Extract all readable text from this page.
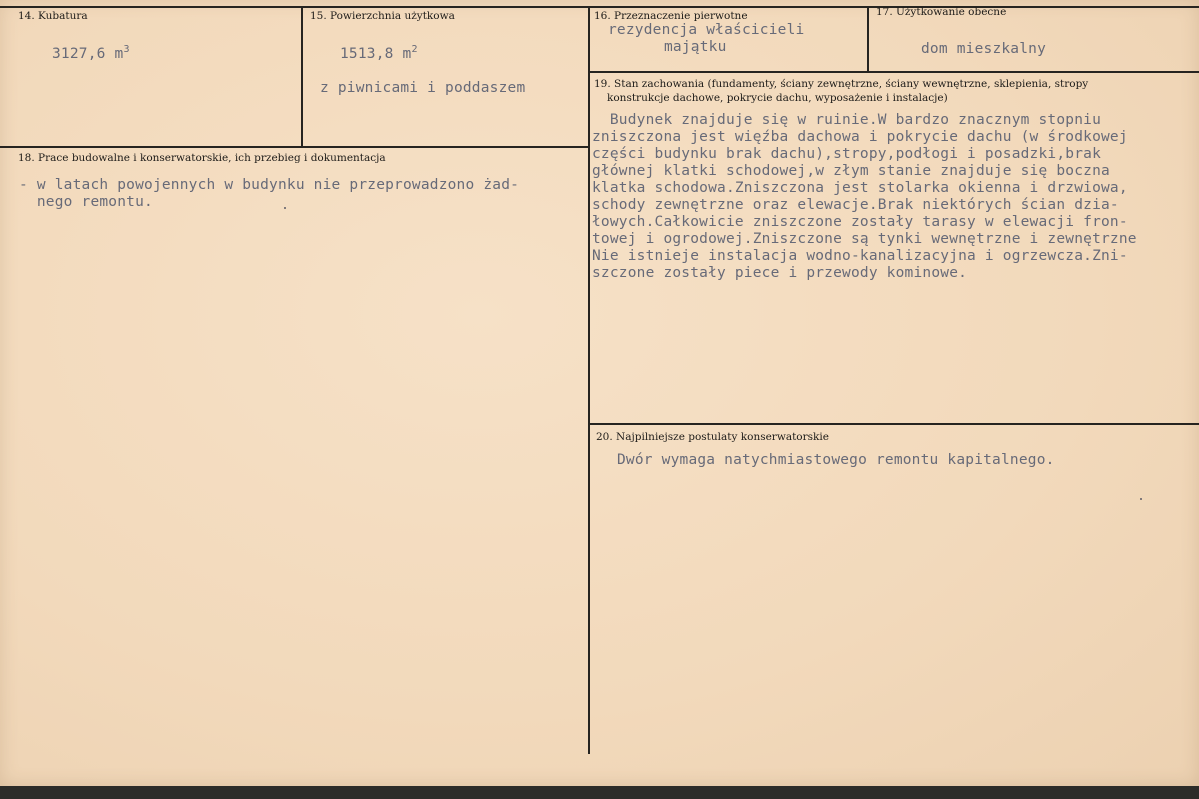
14. Kubatura
3127,6 $m^3$
15. Powierzchnia użytkowa
1513,8 $m^2$
z piwnicami i poddaszem
16. Przeznaczenie pierwotne
rezydencja właścicieli
majątku
17. Użytkowanie obecne
dom mieszkalny
18. Prace budowalne i konserwatorskie, ich przebieg i dokumentacja
- w latach powojennych w budynku nie przeprowadzono żad-
nego remontu.
19. Stan zachowania (fundamenty, ściany zewnętrzne, ściany wewnętrzne, sklepienia, stropy
konstrukcje dachowe, pokrycie dachu, wyposażenie i instalacje)
Budynek znajduje się w ruinie.W bardzo znacznym stopniu
zniszczona jest więźba dachowa i pokrycie dachu (w środkowej
części budynku brak dachu),stropy,podłogi i posadzki,brak
głównej klatki schodowej,w złym stanie znajduje się boczna
klatka schodowa.Zniszczona jest stolarka okienna i drzwiowa,
schody zewnętrzne oraz elewacje.Brak niektórych ścian dzia-
łowych.Całkowicie zniszczone zostały tarasy w elewacji fron-
towej i ogrodowej.Zniszczone są tynki wewnętrzne i zewnętrzne
Nie istnieje instalacja wodno-kanalizacyjna i ogrzewcza.Zni-
szczone zostały piece i przewody kominowe.
20. Najpilniejsze postulaty konserwatorskie
Dwór wymaga natychmiastowego remontu kapitalnego.
